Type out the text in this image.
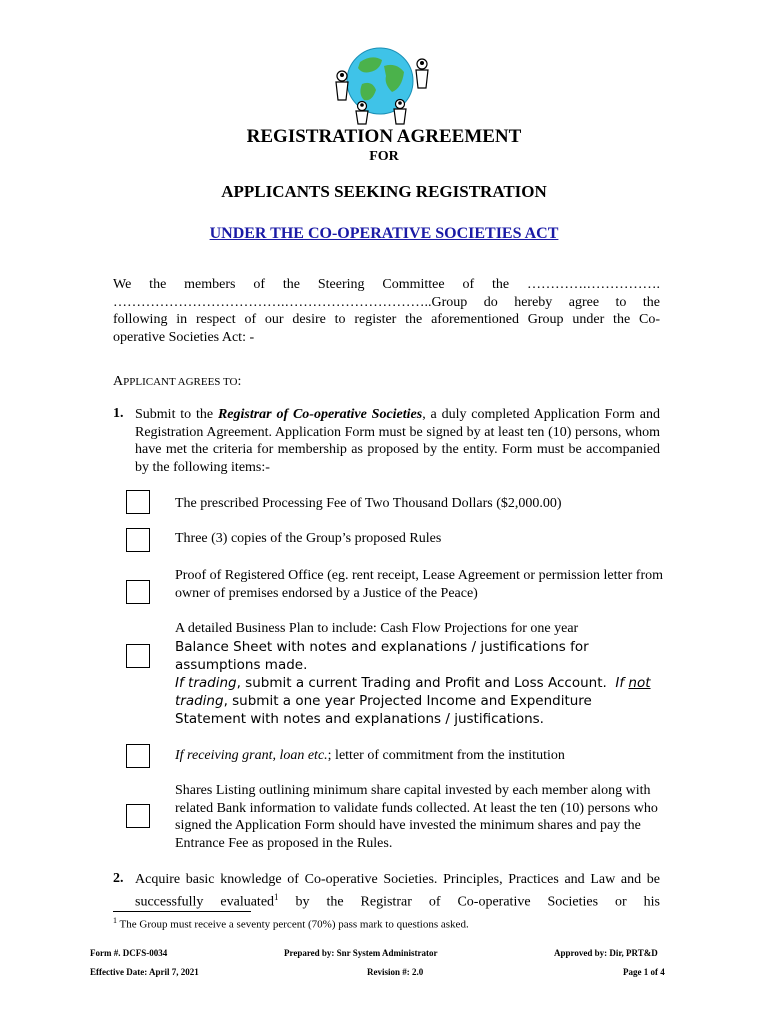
REGISTRATION AGREEMENT
FOR
APPLICANTS SEEKING REGISTRATION
UNDER THE CO-OPERATIVE SOCIETIES ACT

We the members of the Steering Committee of the ………….…………….

……………………………….…………………………..Group do hereby agree to the

following in respect of our desire to register the aforementioned Group under the Co-

operative Societies Act: -

APPLICANT AGREES TO:
1. Submit to the Registrar of Co-operative Societies, a duly completed Application Form and Registration Agreement. Application Form must be signed by at least ten (10) persons, whom have met the criteria for membership as proposed by the entity. Form must be accompanied by the following items:-
The prescribed Processing Fee of Two Thousand Dollars ($2,000.00)
Three (3) copies of the Group’s proposed Rules
Proof of Registered Office (eg. rent receipt, Lease Agreement or permission letter from owner of premises endorsed by a Justice of the Peace)
A detailed Business Plan to include: Cash Flow Projections for one year
Balance Sheet with notes and explanations / justifications for assumptions made.
If trading, submit a current Trading and Profit and Loss Account. If not trading, submit a one year Projected Income and Expenditure Statement with notes and explanations / justifications.
If receiving grant, loan etc.; letter of commitment from the institution
Shares Listing outlining minimum share capital invested by each member along with related Bank information to validate funds collected. At least the ten (10) persons who signed the Application Form should have invested the minimum shares and pay the Entrance Fee as proposed in the Rules.
2. Acquire basic knowledge of Co-operative Societies. Principles, Practices and Law and be successfully evaluated$^1$ by the Registrar of Co-operative Societies or his
$^1$ The Group must receive a seventy percent (70%) pass mark to questions asked.
Form #. DCFS-0034	Prepared by: Snr System Administrator	Approved by: Dir, PRT&D
Effective Date: April 7, 2021	Revision #: 2.0	Page 1 of 4
